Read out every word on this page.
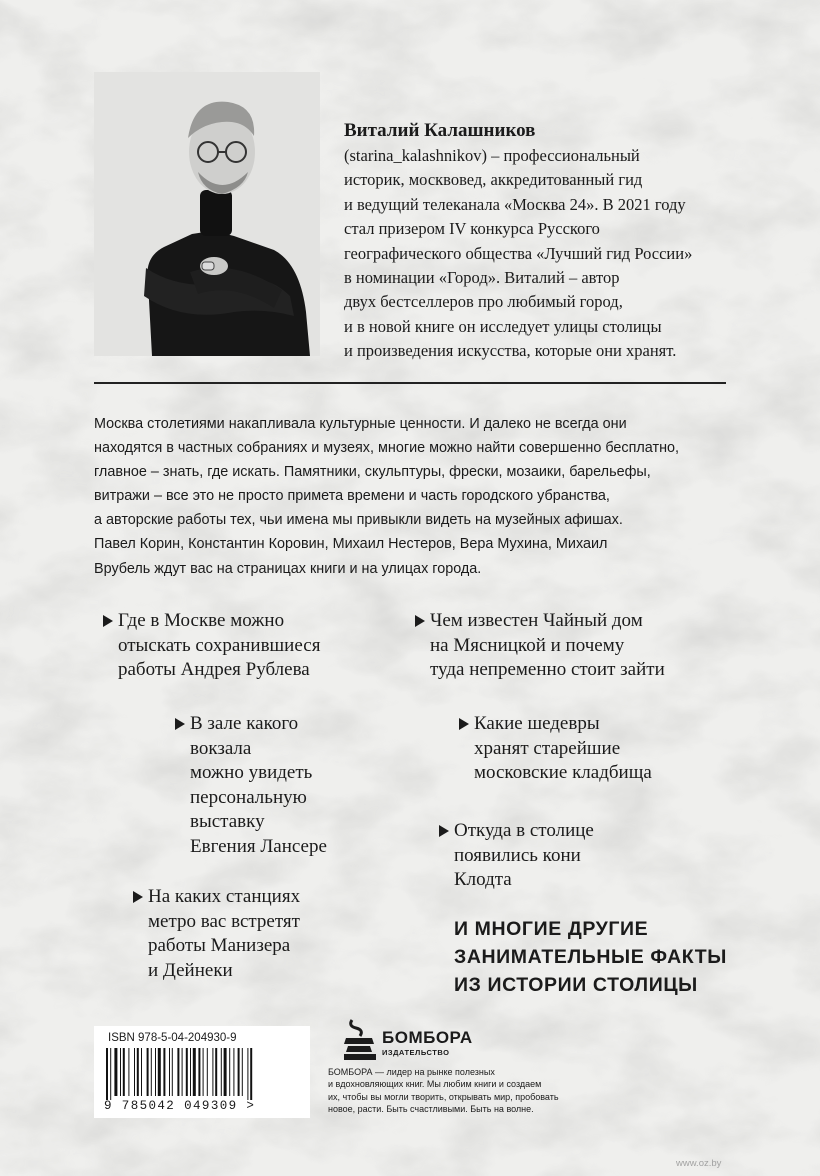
Виталий Калашников
(starina_kalashnikov) – профессиональный
историк, москвовед, аккредитованный гид
и ведущий телеканала «Москва 24». В 2021 году
стал призером IV конкурса Русского
географического общества «Лучший гид России»
в номинации «Город». Виталий – автор
двух бестселлеров про любимый город,
и в новой книге он исследует улицы столицы
и произведения искусства, которые они хранят.
Москва столетиями накапливала культурные ценности. И далеко не всегда они
находятся в частных собраниях и музеях, многие можно найти совершенно бесплатно,
главное – знать, где искать. Памятники, скульптуры, фрески, мозаики, барельефы,
витражи – все это не просто примета времени и часть городского убранства,
а авторские работы тех, чьи имена мы привыкли видеть на музейных афишах.
Павел Корин, Константин Коровин, Михаил Нестеров, Вера Мухина, Михаил
Врубель ждут вас на страницах книги и на улицах города.
Где в Москве можно
отыскать сохранившиеся
работы Андрея Рублева
В зале какого
вокзала
можно увидеть
персональную
выставку
Евгения Лансере
На каких станциях
метро вас встретят
работы Манизера
и Дейнеки
Чем известен Чайный дом
на Мясницкой и почему
туда непременно стоит зайти
Какие шедевры
хранят старейшие
московские кладбища
Откуда в столице
появились кони
Клодта
И МНОГИЕ ДРУГИЕ
ЗАНИМАТЕЛЬНЫЕ ФАКТЫ
ИЗ ИСТОРИИ СТОЛИЦЫ
ISBN 978-5-04-204930-9
9 785042 049309 >
БОМБОРА
ИЗДАТЕЛЬСТВО
БОМБОРА — лидер на рынке полезных
и вдохновляющих книг. Мы любим книги и создаем
их, чтобы вы могли творить, открывать мир, пробовать
новое, расти. Быть счастливыми. Быть на волне.
www.oz.by
